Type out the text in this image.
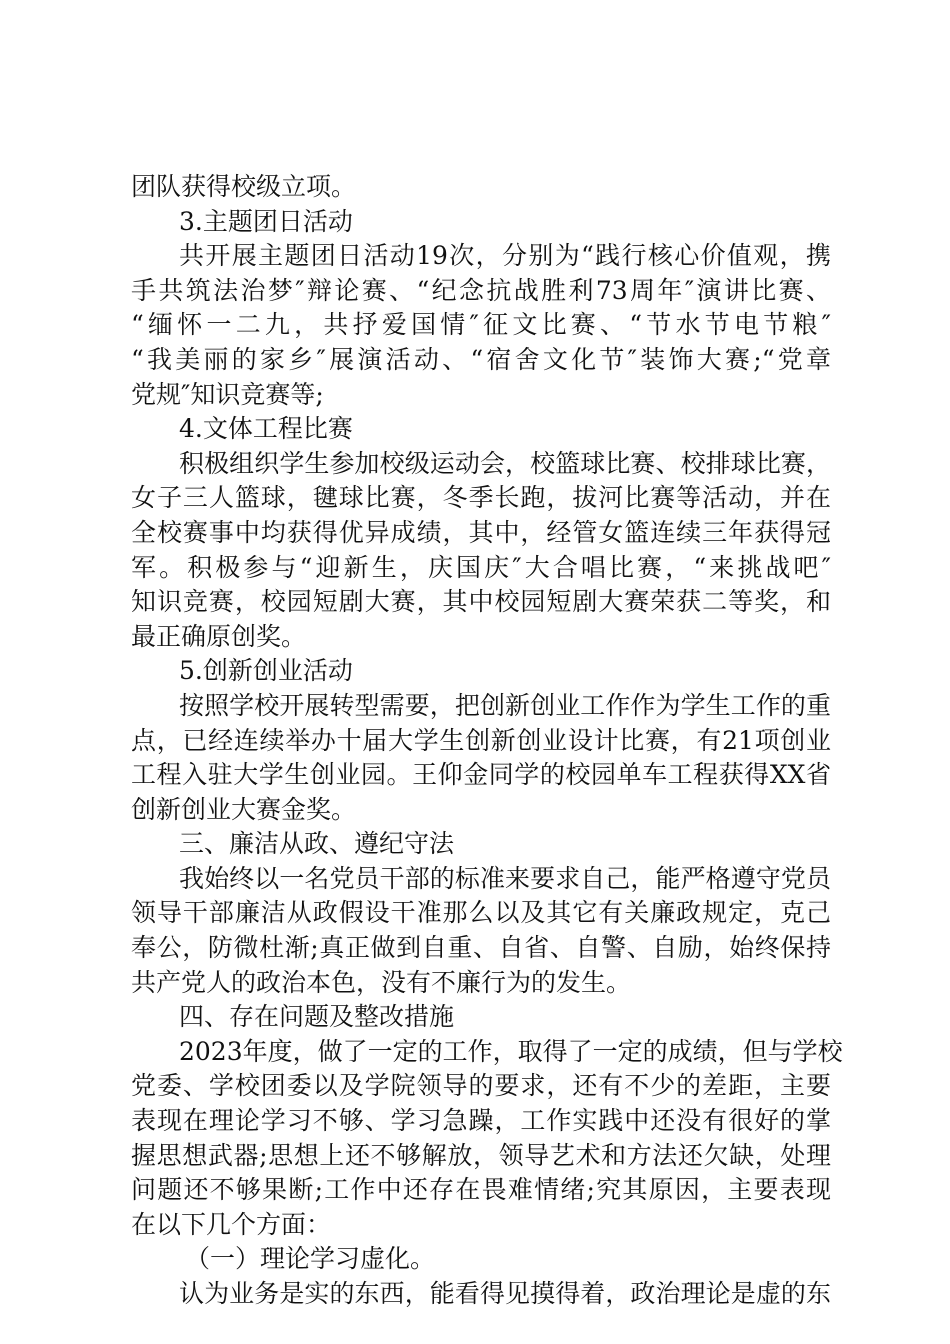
团队获得校级立项。
3.主题团日活动
共开展主题团日活动19次，分别为“践行核心价值观，携
手共筑法治梦″辩论赛、“纪念抗战胜利73周年″演讲比赛、
“缅怀一二九，共抒爱国情″征文比赛、“节水节电节粮″
“我美丽的家乡″展演活动、“宿舍文化节″装饰大赛;“党章
党规″知识竞赛等;
4.文体工程比赛
积极组织学生参加校级运动会，校篮球比赛、校排球比赛，
女子三人篮球，毽球比赛，冬季长跑，拔河比赛等活动，并在
全校赛事中均获得优异成绩，其中，经管女篮连续三年获得冠
军。积极参与“迎新生，庆国庆″大合唱比赛，“来挑战吧″
知识竞赛，校园短剧大赛，其中校园短剧大赛荣获二等奖，和
最正确原创奖。
5.创新创业活动
按照学校开展转型需要，把创新创业工作作为学生工作的重
点，已经连续举办十届大学生创新创业设计比赛，有21项创业
工程入驻大学生创业园。王仰金同学的校园单车工程获得XX省
创新创业大赛金奖。
三、廉洁从政、遵纪守法
我始终以一名党员干部的标准来要求自己，能严格遵守党员
领导干部廉洁从政假设干准那么以及其它有关廉政规定，克己
奉公，防微杜渐;真正做到自重、自省、自警、自励，始终保持
共产党人的政治本色，没有不廉行为的发生。
四、存在问题及整改措施
2023年度，做了一定的工作，取得了一定的成绩，但与学校
党委、学校团委以及学院领导的要求，还有不少的差距，主要
表现在理论学习不够、学习急躁，工作实践中还没有很好的掌
握思想武器;思想上还不够解放，领导艺术和方法还欠缺，处理
问题还不够果断;工作中还存在畏难情绪;究其原因，主要表现
在以下几个方面：
（一）理论学习虚化。
认为业务是实的东西，能看得见摸得着，政治理论是虚的东
